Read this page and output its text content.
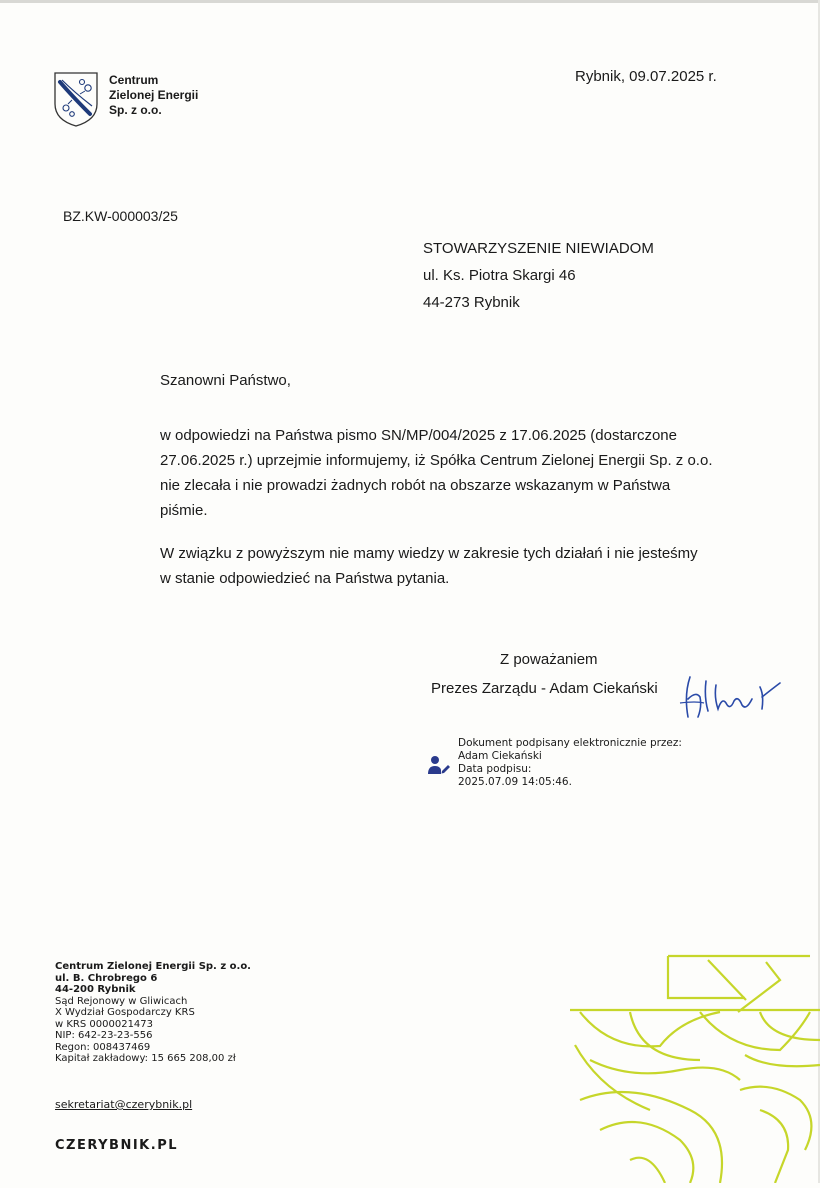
Centrum
Zielonej Energii
Sp. z o.o.
Rybnik, 09.07.2025 r.
BZ.KW-000003/25
STOWARZYSZENIE NIEWIADOM
ul. Ks. Piotra Skargi 46
44-273 Rybnik
Szanowni Państwo,
w odpowiedzi na Państwa pismo SN/MP/004/2025 z 17.06.2025 (dostarczone
27.06.2025 r.) uprzejmie informujemy, iż Spółka Centrum Zielonej Energii Sp. z o.o.
nie zlecała i nie prowadzi żadnych robót na obszarze wskazanym w Państwa
piśmie.
W związku z powyższym nie mamy wiedzy w zakresie tych działań i nie jesteśmy
w stanie odpowiedzieć na Państwa pytania.
Z poważaniem
Prezes Zarządu - Adam Ciekański
Dokument podpisany elektronicznie przez:
Adam Ciekański
Data podpisu:
2025.07.09 14:05:46.
Centrum Zielonej Energii Sp. z o.o.
ul. B. Chrobrego 6
44-200 Rybnik
Sąd Rejonowy w Gliwicach
X Wydział Gospodarczy KRS
w KRS 0000021473
NIP: 642-23-23-556
Regon: 008437469
Kapitał zakładowy: 15 665 208,00 zł
sekretariat@czerybnik.pl
CZERYBNIK.PL
